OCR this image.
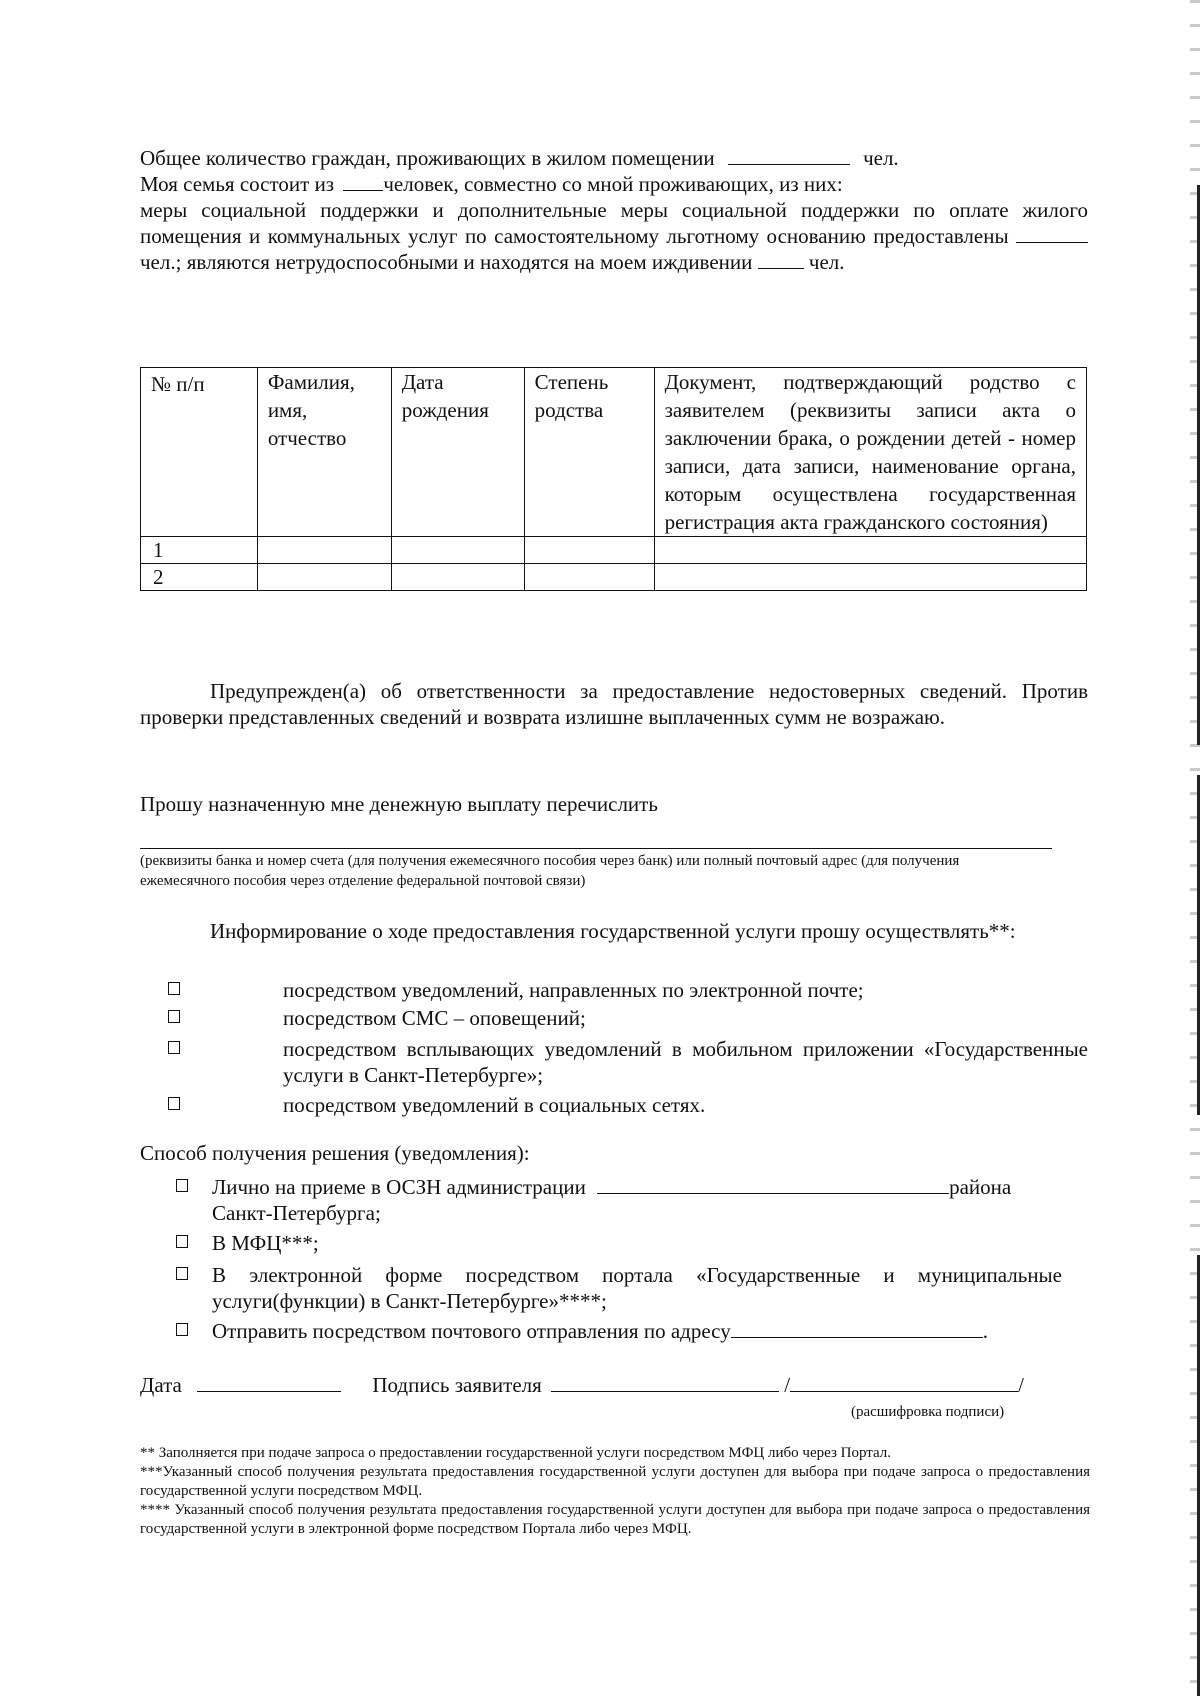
Общее количество граждан, проживающих в жилом помещении	чел.

Моя семья состоит из человек, совместно со мной проживающих, из них:

меры социальной поддержки и дополнительные меры социальной поддержки по оплате жилого помещения и коммунальных услуг по самостоятельному льготному основанию предоставлены чел.; являются нетрудоспособными и находятся на моем иждивении	чел.

№ п/п	Фамилия, имя, отчество	Дата рождения	Степень родства	Документ, подтверждающий родство с заявителем (реквизиты записи акта о заключении брака, о рождении детей - номер записи, дата записи, наименование органа, которым осуществлена государственная регистрация акта гражданского состояния)
1				
2				

Предупрежден(а) об ответственности за предоставление недостоверных сведений. Против проверки представленных сведений и возврата излишне выплаченных сумм не возражаю.

Прошу назначенную мне денежную выплату перечислить

(реквизиты банка и номер счета (для получения ежемесячного пособия через банк) или полный почтовый адрес (для получения ежемесячного пособия через отделение федеральной почтовой связи)

Информирование о ходе предоставления государственной услуги прошу осуществлять**:

посредством уведомлений, направленных по электронной почте;
посредством СМС – оповещений;
посредством всплывающих уведомлений в мобильном приложении «Государственные услуги в Санкт-Петербурге»;
посредством уведомлений в социальных сетях.

Способ получения решения (уведомления):

Лично на приеме в ОСЗН администрации	района
Санкт-Петербурга;
В МФЦ***;
В электронной форме посредством портала «Государственные и муниципальные услуги(функции) в Санкт-Петербурге»****;
Отправить посредством почтового отправления по адресу	.
Дата	Подпись заявителя	/	/
(расшифровка подписи)

** Заполняется при подаче запроса о предоставлении государственной услуги посредством МФЦ либо через Портал.

***Указанный способ получения результата предоставления государственной услуги доступен для выбора при подаче запроса о предоставления государственной услуги посредством МФЦ.

**** Указанный способ получения результата предоставления государственной услуги доступен для выбора при подаче запроса о предоставления государственной услуги в электронной форме посредством Портала либо через МФЦ.
